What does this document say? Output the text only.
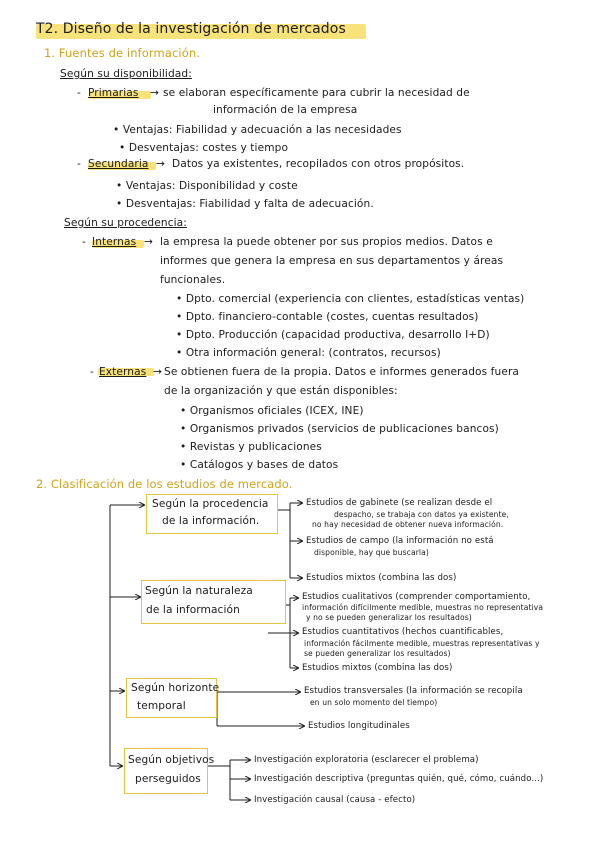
T2. Diseño de la investigación de mercados
1. Fuentes de información.
Según su disponibilidad:
- Primarias → se elaboran específicamente para cubrir la necesidad de
información de la empresa
• Ventajas: Fiabilidad y adecuación a las necesidades
• Desventajas: costes y tiempo
- Secundaria → Datos ya existentes, recopilados con otros propósitos.
• Ventajas: Disponibilidad y coste
• Desventajas: Fiabilidad y falta de adecuación.
Según su procedencia:
- Internas → la empresa la puede obtener por sus propios medios. Datos e
informes que genera la empresa en sus departamentos y áreas
funcionales.
• Dpto. comercial (experiencia con clientes, estadísticas ventas)
• Dpto. financiero-contable (costes, cuentas resultados)
• Dpto. Producción (capacidad productiva, desarrollo I+D)
• Otra información general: (contratos, recursos)
- Externas → Se obtienen fuera de la propia. Datos e informes generados fuera
de la organización y que están disponibles:
• Organismos oficiales (ICEX, INE)
• Organismos privados (servicios de publicaciones bancos)
• Revistas y publicaciones
• Catálogos y bases de datos
2. Clasificación de los estudios de mercado.
Según la procedencia
de la información.
Estudios de gabinete (se realizan desde el
despacho, se trabaja con datos ya existente,
no hay necesidad de obtener nueva información.
Estudios de campo (la información no está
disponible, hay que buscarla)
Estudios mixtos (combina las dos)
Según la naturaleza
de la información
Estudios cualitativos (comprender comportamiento,
información difícilmente medible, muestras no representativa
y no se pueden generalizar los resultados)
Estudios cuantitativos (hechos cuantificables,
información fácilmente medible, muestras representativas y
se pueden generalizar los resultados)
Estudios mixtos (combina las dos)
Según horizonte
temporal
Estudios transversales (la información se recopila
en un solo momento del tiempo)
Estudios longitudinales
Según objetivos
perseguidos
Investigación exploratoria (esclarecer el problema)
Investigación descriptiva (preguntas quién, qué, cómo, cuándo...)
Investigación causal (causa - efecto)
